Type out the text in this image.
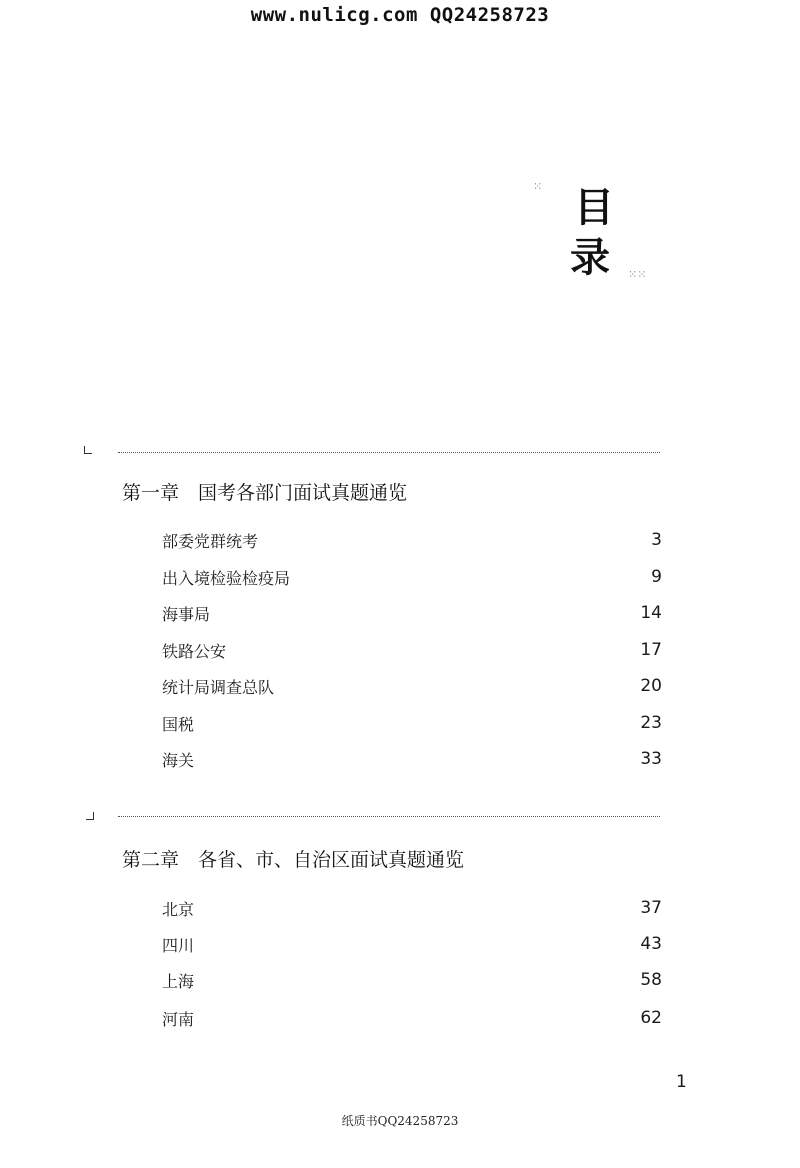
www.nulicg.com QQ24258723
⁙ 目
录 ⁙⁙
第一章　国考各部门面试真题通览
部委党群统考	3
出入境检验检疫局	9
海事局	14
铁路公安	17
统计局调查总队	20
国税	23
海关	33
第二章　各省、市、自治区面试真题通览
北京	37
四川	43
上海	58
河南	62
1
纸质书QQ24258723
